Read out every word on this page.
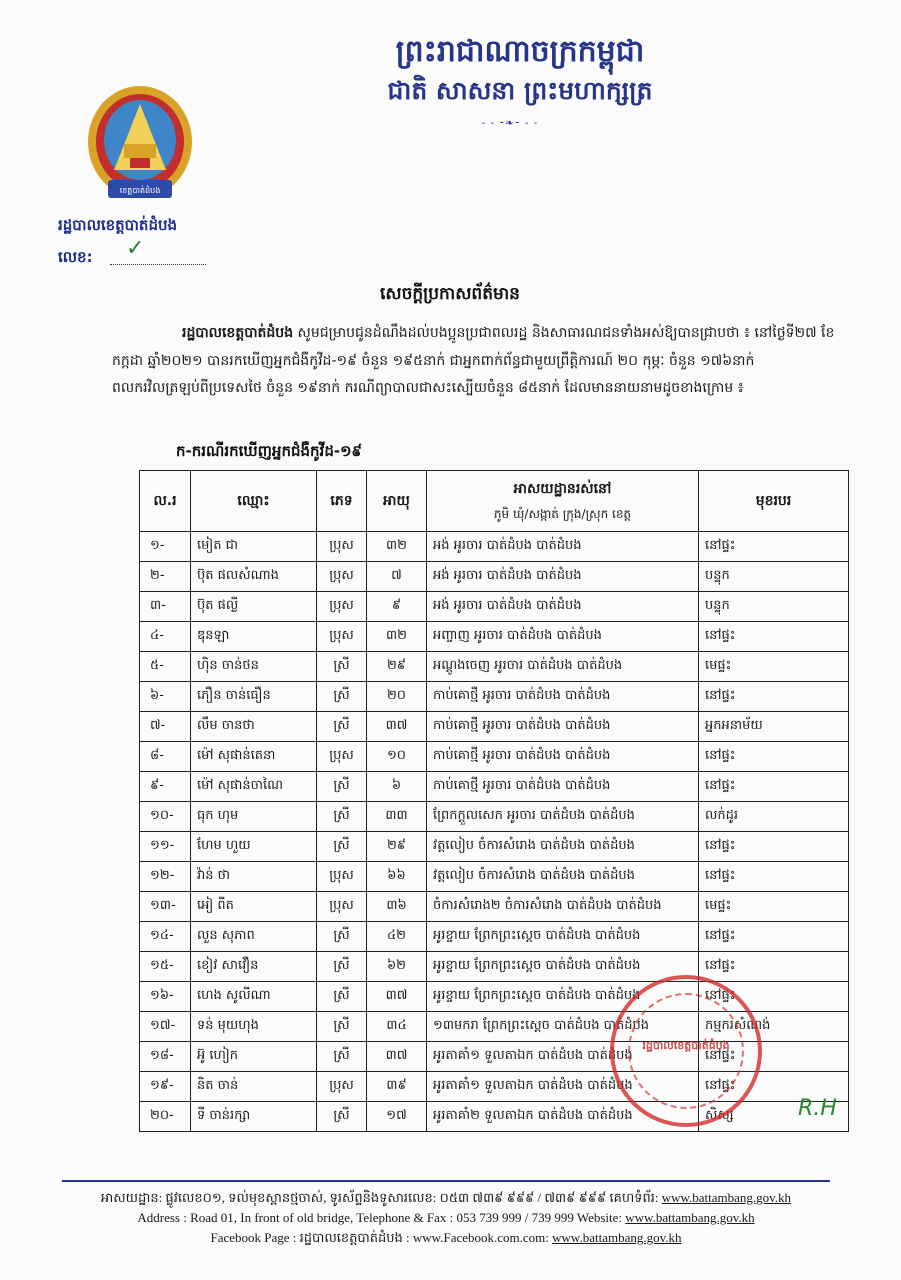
ព្រះរាជាណាចក្រកម្ពុជា
ជាតិ សាសនា ព្រះមហាក្សត្រ
- - ⁃❧⁃ - -
ខេត្តបាត់ដំបង
រដ្ឋបាលខេត្តបាត់ដំបង
លេខ: ✓
សេចក្តីប្រកាសព័ត៌មាន
រដ្ឋបាលខេត្តបាត់ដំបង សូមជម្រាបជូនដំណឹងដល់បងប្អូនប្រជាពលរដ្ឋ និងសាធារណជនទាំងអស់ឱ្យបានជ្រាបថា ៖ នៅថ្ងៃទី២៧ ខែកក្កដា ឆ្នាំ២០២១ បានរកឃើញអ្នកជំងឺកូវីដ-១៩ ចំនួន ១៩៥នាក់ ជាអ្នកពាក់ព័ន្ធជាមួយព្រឹត្តិការណ៍ ២០ កុម្ភៈ ចំនួន ១៧៦នាក់ ពលករវិលត្រឡប់ពីប្រទេសថៃ ចំនួន ១៩នាក់ ករណីព្យាបាលជាសះស្បើយចំនួន ៨៥នាក់ ដែលមាននាយនាមដូចខាងក្រោម ៖
ក-ករណីរកឃើញអ្នកជំងឺកូវីដ-១៩
ល.រ	ឈ្មោះ	ភេទ	អាយុ	អាសយដ្ឋានរស់នៅ
ភូមិ ឃុំ/សង្កាត់ ក្រុង/ស្រុក ខេត្ត	មុខរបរ
១-	មៀត ជា	ប្រុស	៣២	អង់ អូរចារ បាត់ដំបង បាត់ដំបង	នៅផ្ទះ
២-	ប៊ុត ផលសំណាង	ប្រុស	៧	អង់ អូរចារ បាត់ដំបង បាត់ដំបង	បន្ទុក
៣-	ប៊ុត ផល្លី	ប្រុស	៩	អង់ អូរចារ បាត់ដំបង បាត់ដំបង	បន្ទុក
៤-	ឌុនឡា	ប្រុស	៣២	អញ្ចាញ អូរចារ បាត់ដំបង បាត់ដំបង	នៅផ្ទះ
៥-	ហ៊ិន ចាន់ថន	ស្រី	២៩	អណ្តូងចេញ អូរចារ បាត់ដំបង បាត់ដំបង	មេផ្ទះ
៦-	ភឿន ចាន់ធឿន	ស្រី	២០	កាប់គោថ្មី អូរចារ បាត់ដំបង បាត់ដំបង	នៅផ្ទះ
៧-	លឹម ចានថា	ស្រី	៣៧	កាប់គោថ្មី អូរចារ បាត់ដំបង បាត់ដំបង	អ្នកអនាម័យ
៨-	ម៉ៅ សុផាន់តេនា	ប្រុស	១០	កាប់គោថ្មី អូរចារ បាត់ដំបង បាត់ដំបង	នៅផ្ទះ
៩-	ម៉ៅ សុផាន់ចាណៃ	ស្រី	៦	កាប់គោថ្មី អូរចារ បាត់ដំបង បាត់ដំបង	នៅផ្ទះ
១០-	ធុក ហុម	ស្រី	៣៣	ព្រែកក្ដួលសេក អូរចារ បាត់ដំបង បាត់ដំបង	លក់ដូរ
១១-	ហែម ហួយ	ស្រី	២៩	វត្តលៀប ចំការសំរោង បាត់ដំបង បាត់ដំបង	នៅផ្ទះ
១២-	វ៉ាន់ ថា	ប្រុស	៦៦	វត្តលៀប ចំការសំរោង បាត់ដំបង បាត់ដំបង	នៅផ្ទះ
១៣-	អៀ ពីត	ប្រុស	៣៦	ចំការសំរោង២ ចំការសំរោង បាត់ដំបង បាត់ដំបង	មេផ្ទះ
១៤-	លួន សុភាព	ស្រី	៤២	អូរខ្ចាយ ព្រែកព្រះស្ដេច បាត់ដំបង បាត់ដំបង	នៅផ្ទះ
១៥-	ខៀវ សាវឿន	ស្រី	៦២	អូរខ្ចាយ ព្រែកព្រះស្ដេច បាត់ដំបង បាត់ដំបង	នៅផ្ទះ
១៦-	ហេង សូលីណា	ស្រី	៣៧	អូរខ្ចាយ ព្រែកព្រះស្ដេច បាត់ដំបង បាត់ដំបង	នៅផ្ទះ
១៧-	ទន់ មុយហុង	ស្រី	៣៤	១៣មករា ព្រែកព្រះស្ដេច បាត់ដំបង បាត់ដំបង	កម្មករសំណង់
១៨-	អ៊ូ ហៀក	ស្រី	៣៧	អូរតាគាំ១ ទួលតាឯក បាត់ដំបង បាត់ដំបង	នៅផ្ទះ
១៩-	និត ចាន់	ប្រុស	៣៩	អូរតាគាំ១ ទួលតាឯក បាត់ដំបង បាត់ដំបង	នៅផ្ទះ
២០-	ទី ចាន់រក្សា	ស្រី	១៧	អូរតាគាំ២ ទួលតាឯក បាត់ដំបង បាត់ដំបង	សិស្ស
រដ្ឋបាលខេត្តបាត់ដំបង
R.H
អាសយដ្ឋាន: ផ្លូវលេខ០១, ទល់មុខស្ពានថ្មចាស់, ទូរស័ព្ទនិងទូសារលេខ: ០៥៣ ៧៣៩ ៩៩៩ / ៧៣៩ ៩៩៩ គេហទំព័រ: www.battambang.gov.kh
Address : Road 01, In front of old bridge, Telephone & Fax : 053 739 999 / 739 999 Website: www.battambang.gov.kh
Facebook Page : រដ្ឋបាលខេត្តបាត់ដំបង : www.Facebook.com.com: www.battambang.gov.kh
